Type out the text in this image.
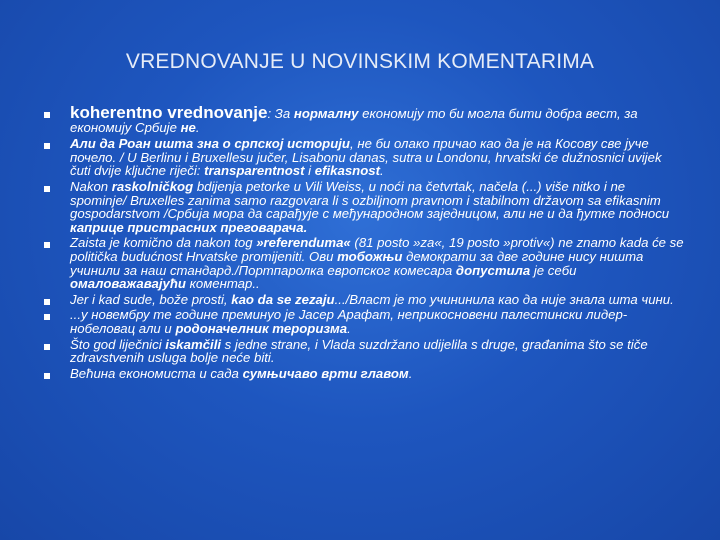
VREDNOVANJE U NOVINSKIM KOMENTARIMA
koherentno vrednovanje: За нормалну економију то би могла бити добра вест, за економију Србије не.
Али да Роан ишта зна о српској историји, не би олако причао као да је на Косову све јуче почело. / U Berlinu i Bruxellesu jučer, Lisabonu danas, sutra u Londonu, hrvatski će dužnosnici uvijek čuti dvije ključne riječi: transparentnost i efikasnost.
Nakon raskolničkog bdijenja petorke u Vili Weiss, u noći na četvrtak, načela (...) više nitko i ne spominje/ Bruxelles zanima samo razgovara li s ozbiljnom pravnom i stabilnom državom sa efikasnim gospodarstvom /Србија мора да сарађује с међународном заједницом, али не и да ђутке подноси каприце пристрасних преговарача.
Zaista je komično da nakon tog »referenduma« (81 posto »za«, 19 posto »protiv«) ne znamo kada će se politička budućnost Hrvatske promijeniti. Ови тобожњи демократи за две године нису ништа учинили за наш стандард./Портпаролка европског комесара допустила је себи омаловажавајући коментар..
Jer i kad sude, bože prosti, kao da se zezaju.../Влаcт је то учининила као да није знала шта чини.
...у новембру те године преминуо је Јасер Арафат, неприкосновени палестински лидер-нобеловац али и родоначелник тероризма.
Što god liječnici iskamčili s jedne strane, i Vlada suzdržano udijelila s druge, građanima što se tiče zdravstvenih usluga bolje neće biti.
Већина економиста и сада сумњичаво врти главом.
